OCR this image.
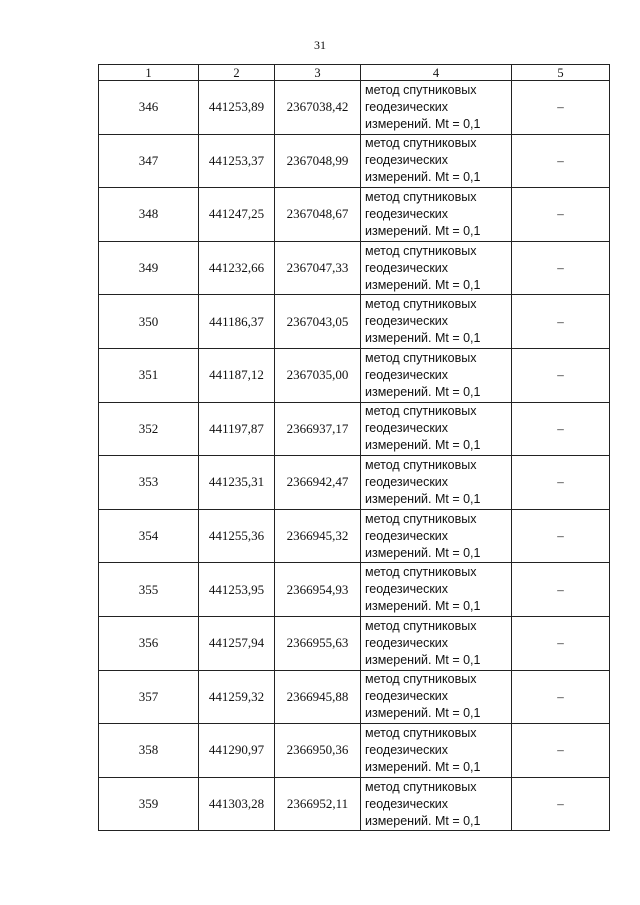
31
1	2	3	4	5
346	441253,89	2367038,42	метод спутниковых
геодезических
измерений. Mt = 0,1	–
347	441253,37	2367048,99	метод спутниковых
геодезических
измерений. Mt = 0,1	–
348	441247,25	2367048,67	метод спутниковых
геодезических
измерений. Mt = 0,1	–
349	441232,66	2367047,33	метод спутниковых
геодезических
измерений. Mt = 0,1	–
350	441186,37	2367043,05	метод спутниковых
геодезических
измерений. Mt = 0,1	–
351	441187,12	2367035,00	метод спутниковых
геодезических
измерений. Mt = 0,1	–
352	441197,87	2366937,17	метод спутниковых
геодезических
измерений. Mt = 0,1	–
353	441235,31	2366942,47	метод спутниковых
геодезических
измерений. Mt = 0,1	–
354	441255,36	2366945,32	метод спутниковых
геодезических
измерений. Mt = 0,1	–
355	441253,95	2366954,93	метод спутниковых
геодезических
измерений. Mt = 0,1	–
356	441257,94	2366955,63	метод спутниковых
геодезических
измерений. Mt = 0,1	–
357	441259,32	2366945,88	метод спутниковых
геодезических
измерений. Mt = 0,1	–
358	441290,97	2366950,36	метод спутниковых
геодезических
измерений. Mt = 0,1	–
359	441303,28	2366952,11	метод спутниковых
геодезических
измерений. Mt = 0,1	–
